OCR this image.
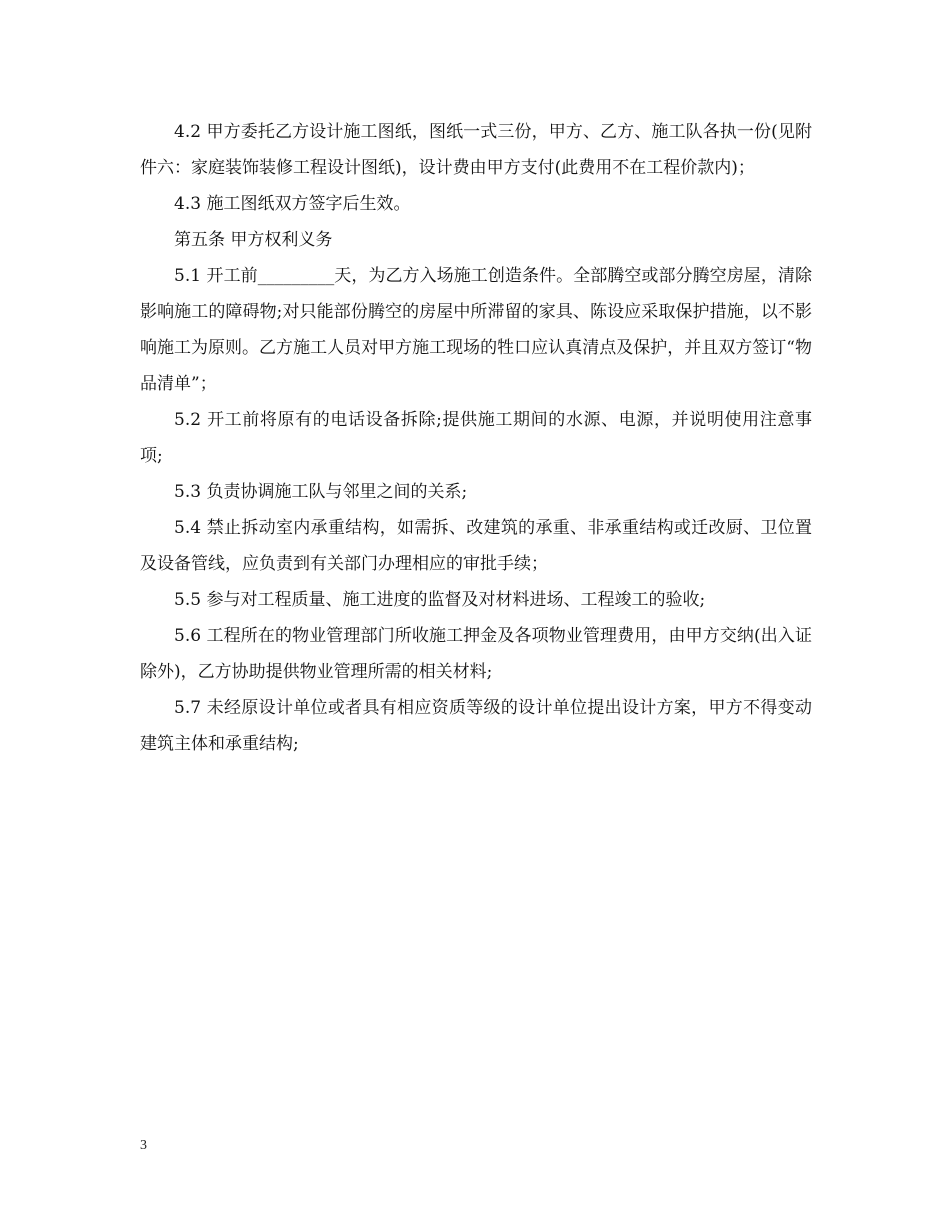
4.2 甲方委托乙方设计施工图纸，图纸一式三份，甲方、乙方、施工队各执一份(见附件六：家庭装饰装修工程设计图纸)，设计费由甲方支付(此费用不在工程价款内)；

4.3 施工图纸双方签字后生效。

第五条 甲方权利义务

5.1 开工前_________天，为乙方入场施工创造条件。全部腾空或部分腾空房屋，清除影响施工的障碍物;对只能部份腾空的房屋中所滞留的家具、陈设应采取保护措施，以不影响施工为原则。乙方施工人员对甲方施工现场的牲口应认真清点及保护，并且双方签订“物品清单”；

5.2 开工前将原有的电话设备拆除;提供施工期间的水源、电源，并说明使用注意事项;

5.3 负责协调施工队与邻里之间的关系;

5.4 禁止拆动室内承重结构，如需拆、改建筑的承重、非承重结构或迁改厨、卫位置及设备管线，应负责到有关部门办理相应的审批手续；

5.5 参与对工程质量、施工进度的监督及对材料进场、工程竣工的验收;

5.6 工程所在的物业管理部门所收施工押金及各项物业管理费用，由甲方交纳(出入证除外)，乙方协助提供物业管理所需的相关材料;

5.7 未经原设计单位或者具有相应资质等级的设计单位提出设计方案，甲方不得变动建筑主体和承重结构;

3
